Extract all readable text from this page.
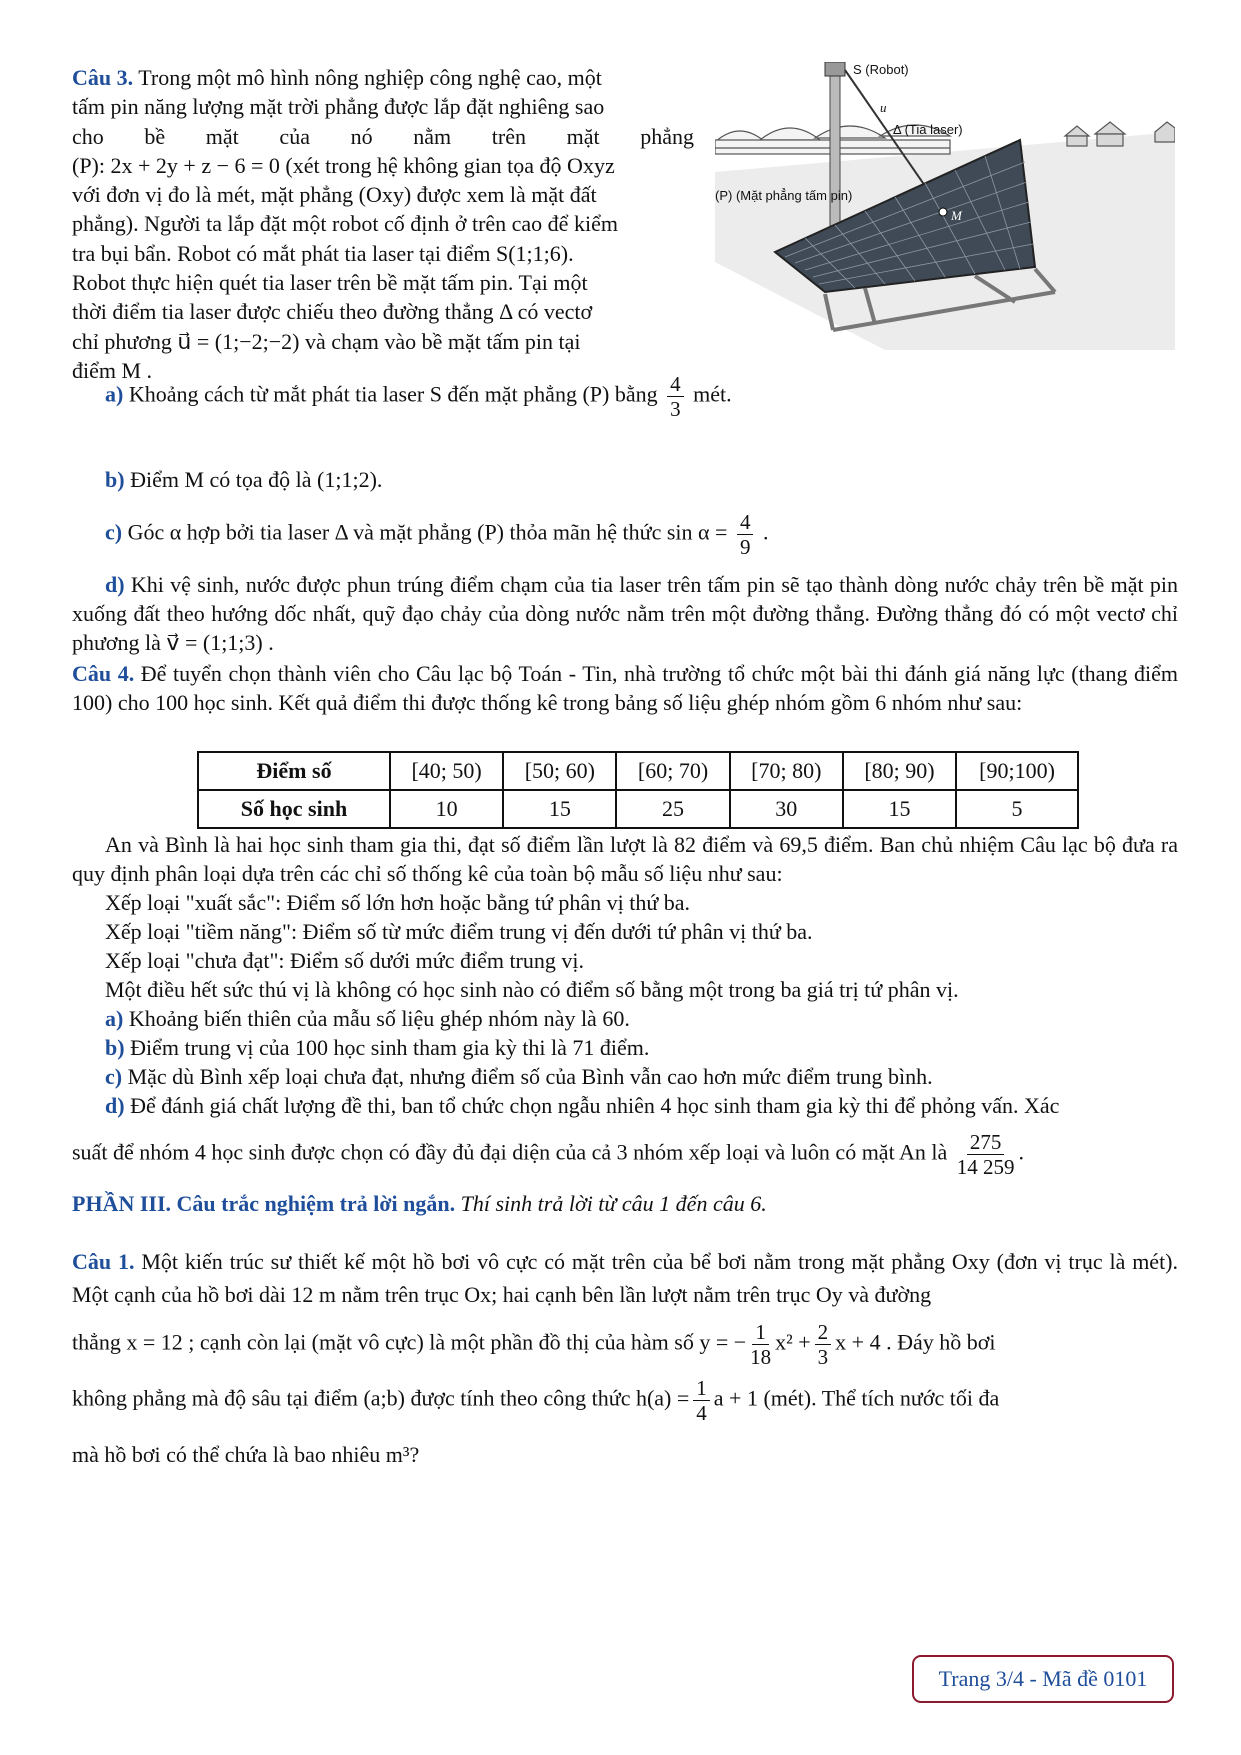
Câu 3. Trong một mô hình nông nghiệp công nghệ cao, một
tấm pin năng lượng mặt trời phẳng được lắp đặt nghiêng sao
cho bề mặt của nó nằm trên mặt phẳng
(P): 2x + 2y + z − 6 = 0 (xét trong hệ không gian tọa độ Oxyz
với đơn vị đo là mét, mặt phẳng (Oxy) được xem là mặt đất
phẳng). Người ta lắp đặt một robot cố định ở trên cao để kiểm
tra bụi bẩn. Robot có mắt phát tia laser tại điểm S(1;1;6).
Robot thực hiện quét tia laser trên bề mặt tấm pin. Tại một
thời điểm tia laser được chiếu theo đường thẳng Δ có vectơ
chỉ phương u⃗ = (1;−2;−2) và chạm vào bề mặt tấm pin tại
điểm M .
S (Robot)
u⃗
Δ (Tia laser)
(P) (Mặt phẳng tấm pin)
M
a) Khoảng cách từ mắt phát tia laser S đến mặt phẳng (P) bằng $\frac{4}{3}$ mét.
b) Điểm M có tọa độ là (1;1;2).
c) Góc α hợp bởi tia laser Δ và mặt phẳng (P) thỏa mãn hệ thức $\sin \alpha = \frac{4}{9}$ .
d) Khi vệ sinh, nước được phun trúng điểm chạm của tia laser trên tấm pin sẽ tạo thành dòng nước chảy trên bề mặt pin xuống đất theo hướng dốc nhất, quỹ đạo chảy của dòng nước nằm trên một đường thẳng. Đường thẳng đó có một vectơ chỉ phương là v⃗ = (1;1;3) .
Câu 4. Để tuyển chọn thành viên cho Câu lạc bộ Toán - Tin, nhà trường tổ chức một bài thi đánh giá năng lực (thang điểm 100) cho 100 học sinh. Kết quả điểm thi được thống kê trong bảng số liệu ghép nhóm gồm 6 nhóm như sau:
Điểm số	[40; 50)	[50; 60)	[60; 70)	[70; 80)	[80; 90)	[90;100)
Số học sinh	10	15	25	30	15	5
An và Bình là hai học sinh tham gia thi, đạt số điểm lần lượt là 82 điểm và 69,5 điểm. Ban chủ nhiệm Câu lạc bộ đưa ra quy định phân loại dựa trên các chỉ số thống kê của toàn bộ mẫu số liệu như sau:
Xếp loại "xuất sắc": Điểm số lớn hơn hoặc bằng tứ phân vị thứ ba.
Xếp loại "tiềm năng": Điểm số từ mức điểm trung vị đến dưới tứ phân vị thứ ba.
Xếp loại "chưa đạt": Điểm số dưới mức điểm trung vị.
Một điều hết sức thú vị là không có học sinh nào có điểm số bằng một trong ba giá trị tứ phân vị.
a) Khoảng biến thiên của mẫu số liệu ghép nhóm này là 60.
b) Điểm trung vị của 100 học sinh tham gia kỳ thi là 71 điểm.
c) Mặc dù Bình xếp loại chưa đạt, nhưng điểm số của Bình vẫn cao hơn mức điểm trung bình.
d) Để đánh giá chất lượng đề thi, ban tổ chức chọn ngẫu nhiên 4 học sinh tham gia kỳ thi để phỏng vấn. Xác
suất để nhóm 4 học sinh được chọn có đầy đủ đại diện của cả 3 nhóm xếp loại và luôn có mặt An là $\frac{275}{14 259}$ .
PHẦN III. Câu trắc nghiệm trả lời ngắn. Thí sinh trả lời từ câu 1 đến câu 6.
Câu 1. Một kiến trúc sư thiết kế một hồ bơi vô cực có mặt trên của bể bơi nằm trong mặt phẳng Oxy (đơn vị trục là mét). Một cạnh của hồ bơi dài 12 m nằm trên trục Ox; hai cạnh bên lần lượt nằm trên trục Oy và đường
thẳng x = 12 ; cạnh còn lại (mặt vô cực) là một phần đồ thị của hàm số y = − $\frac{1}{18} x^2 + \frac{2}{3}$ x + 4 . Đáy hồ bơi
không phẳng mà độ sâu tại điểm (a;b) được tính theo công thức $h(a) = \frac{1}{4}$ a + 1 (mét). Thể tích nước tối đa
mà hồ bơi có thể chứa là bao nhiêu m³?
Trang 3/4 - Mã đề 0101
